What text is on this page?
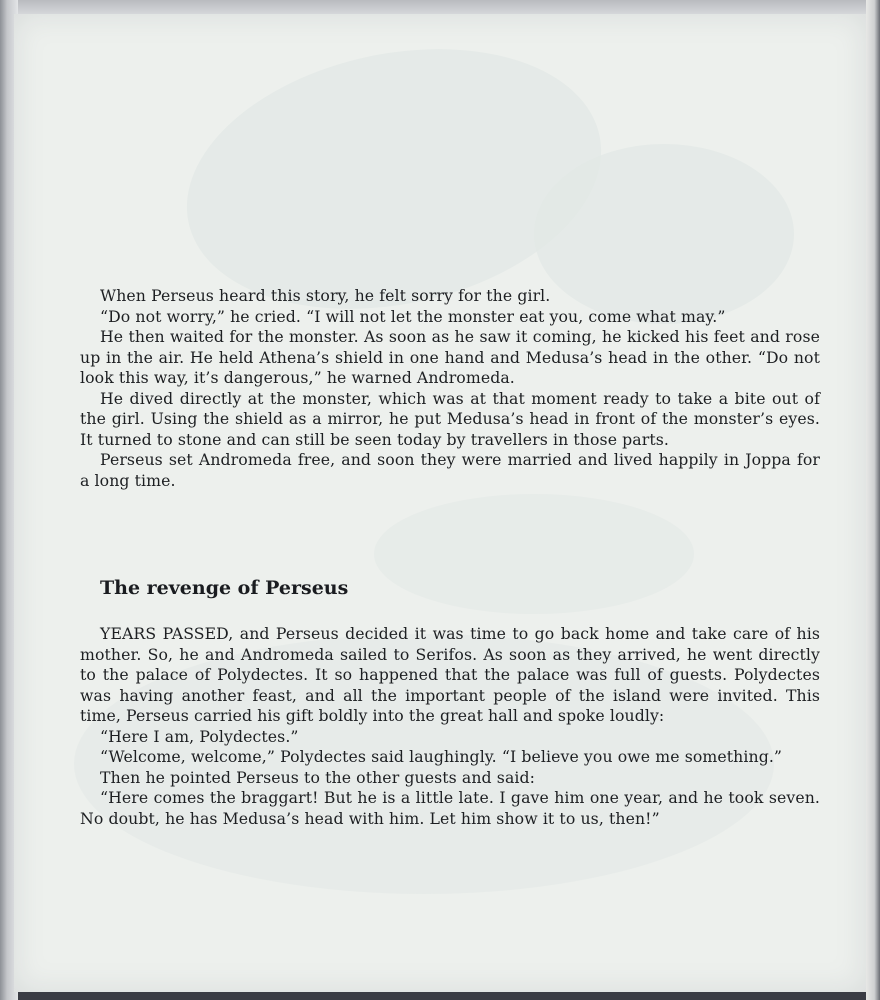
When Perseus heard this story, he felt sorry for the girl.

“Do not worry,” he cried. “I will not let the monster eat you, come what may.”

He then waited for the monster. As soon as he saw it coming, he kicked his feet and rose up in the air. He held Athena’s shield in one hand and Medusa’s head in the other. “Do not look this way, it’s dangerous,” he warned Andromeda.

He dived directly at the monster, which was at that moment ready to take a bite out of the girl. Using the shield as a mirror, he put Medusa’s head in front of the monster’s eyes. It turned to stone and can still be seen today by travellers in those parts.

Perseus set Andromeda free, and soon they were married and lived happily in Joppa for a long time.

The revenge of Perseus

YEARS PASSED, and Perseus decided it was time to go back home and take care of his mother. So, he and Andromeda sailed to Serifos. As soon as they arrived, he went directly to the palace of Polydectes. It so happened that the palace was full of guests. Polydectes was having another feast, and all the important people of the island were invited. This time, Perseus carried his gift boldly into the great hall and spoke loudly:

“Here I am, Polydectes.”

“Welcome, welcome,” Polydectes said laughingly. “I believe you owe me something.”

Then he pointed Perseus to the other guests and said:

“Here comes the braggart! But he is a little late. I gave him one year, and he took seven. No doubt, he has Medusa’s head with him. Let him show it to us, then!”
